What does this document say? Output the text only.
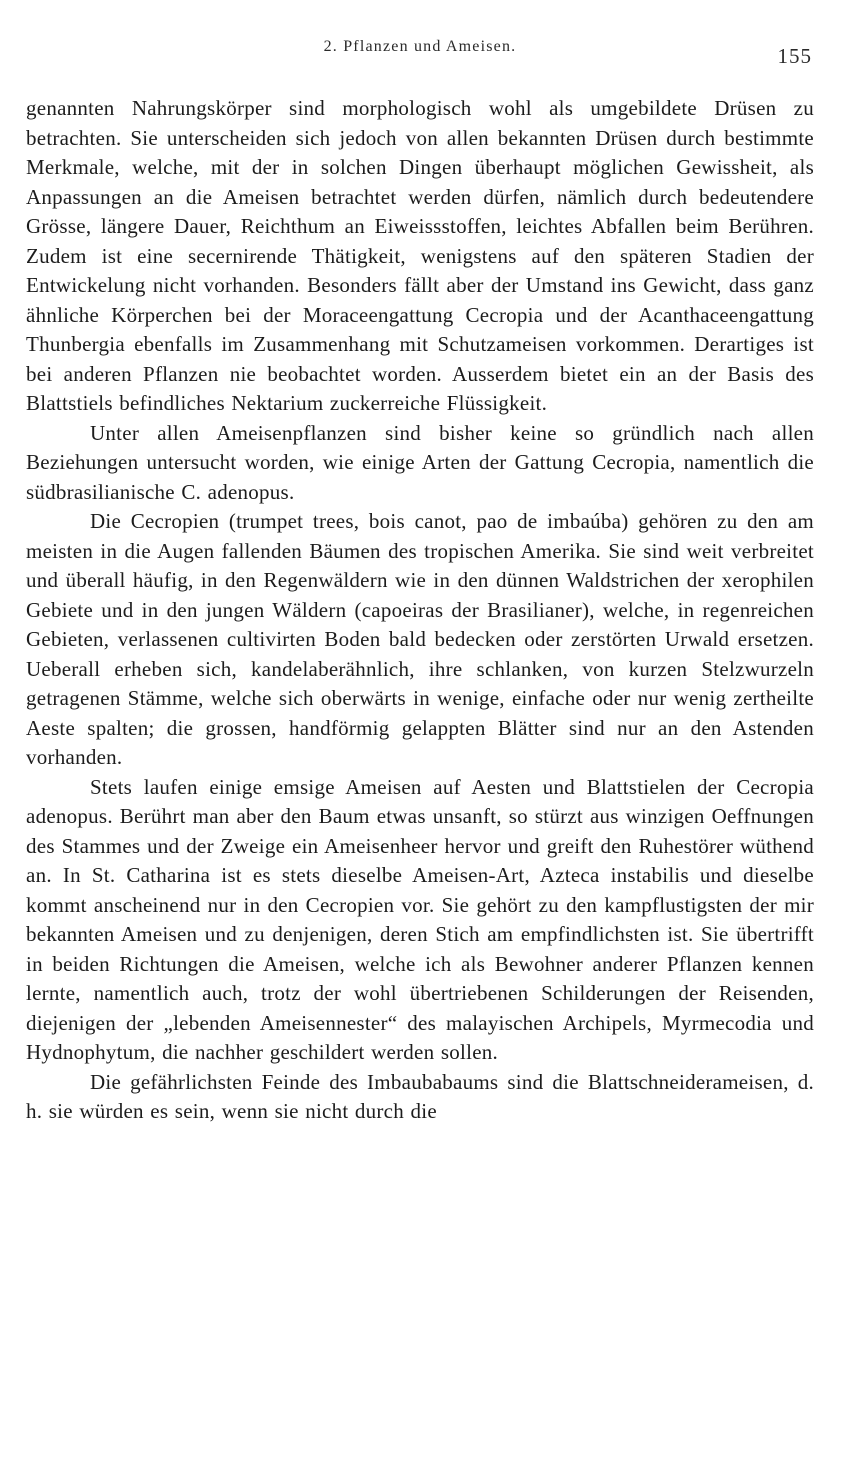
2. Pflanzen und Ameisen.	155

genannten Nahrungskörper sind morphologisch wohl als umgebildete Drüsen zu betrachten. Sie unterscheiden sich jedoch von allen bekannten Drüsen durch bestimmte Merkmale, welche, mit der in solchen Dingen überhaupt möglichen Gewissheit, als Anpassungen an die Ameisen betrachtet werden dürfen, nämlich durch bedeutendere Grösse, längere Dauer, Reichthum an Eiweissstoffen, leichtes Abfallen beim Berühren. Zudem ist eine secernirende Thätigkeit, wenigstens auf den späteren Stadien der Entwickelung nicht vorhanden. Besonders fällt aber der Umstand ins Gewicht, dass ganz ähnliche Körperchen bei der Moraceengattung Cecropia und der Acanthaceengattung Thunbergia ebenfalls im Zusammenhang mit Schutzameisen vorkommen. Derartiges ist bei anderen Pflanzen nie beobachtet worden. Ausserdem bietet ein an der Basis des Blattstiels befindliches Nektarium zuckerreiche Flüssigkeit.

Unter allen Ameisenpflanzen sind bisher keine so gründlich nach allen Beziehungen untersucht worden, wie einige Arten der Gattung Cecropia, namentlich die südbrasilianische C. adenopus.

Die Cecropien (trumpet trees, bois canot, pao de imbaúba) gehören zu den am meisten in die Augen fallenden Bäumen des tropischen Amerika. Sie sind weit verbreitet und überall häufig, in den Regenwäldern wie in den dünnen Waldstrichen der xerophilen Gebiete und in den jungen Wäldern (capoeiras der Brasilianer), welche, in regenreichen Gebieten, verlassenen cultivirten Boden bald bedecken oder zerstörten Urwald ersetzen. Ueberall erheben sich, kandelaberähnlich, ihre schlanken, von kurzen Stelzwurzeln getragenen Stämme, welche sich oberwärts in wenige, einfache oder nur wenig zertheilte Aeste spalten; die grossen, handförmig gelappten Blätter sind nur an den Astenden vorhanden.

Stets laufen einige emsige Ameisen auf Aesten und Blattstielen der Cecropia adenopus. Berührt man aber den Baum etwas unsanft, so stürzt aus winzigen Oeffnungen des Stammes und der Zweige ein Ameisenheer hervor und greift den Ruhestörer wüthend an. In St. Catharina ist es stets dieselbe Ameisen-Art, Azteca instabilis und dieselbe kommt anscheinend nur in den Cecropien vor. Sie gehört zu den kampflustigsten der mir bekannten Ameisen und zu denjenigen, deren Stich am empfindlichsten ist. Sie übertrifft in beiden Richtungen die Ameisen, welche ich als Bewohner anderer Pflanzen kennen lernte, namentlich auch, trotz der wohl übertriebenen Schilderungen der Reisenden, diejenigen der „lebenden Ameisennester“ des malayischen Archipels, Myrmecodia und Hydnophytum, die nachher geschildert werden sollen.

Die gefährlichsten Feinde des Imbaubabaums sind die Blattschneiderameisen, d. h. sie würden es sein, wenn sie nicht durch die
